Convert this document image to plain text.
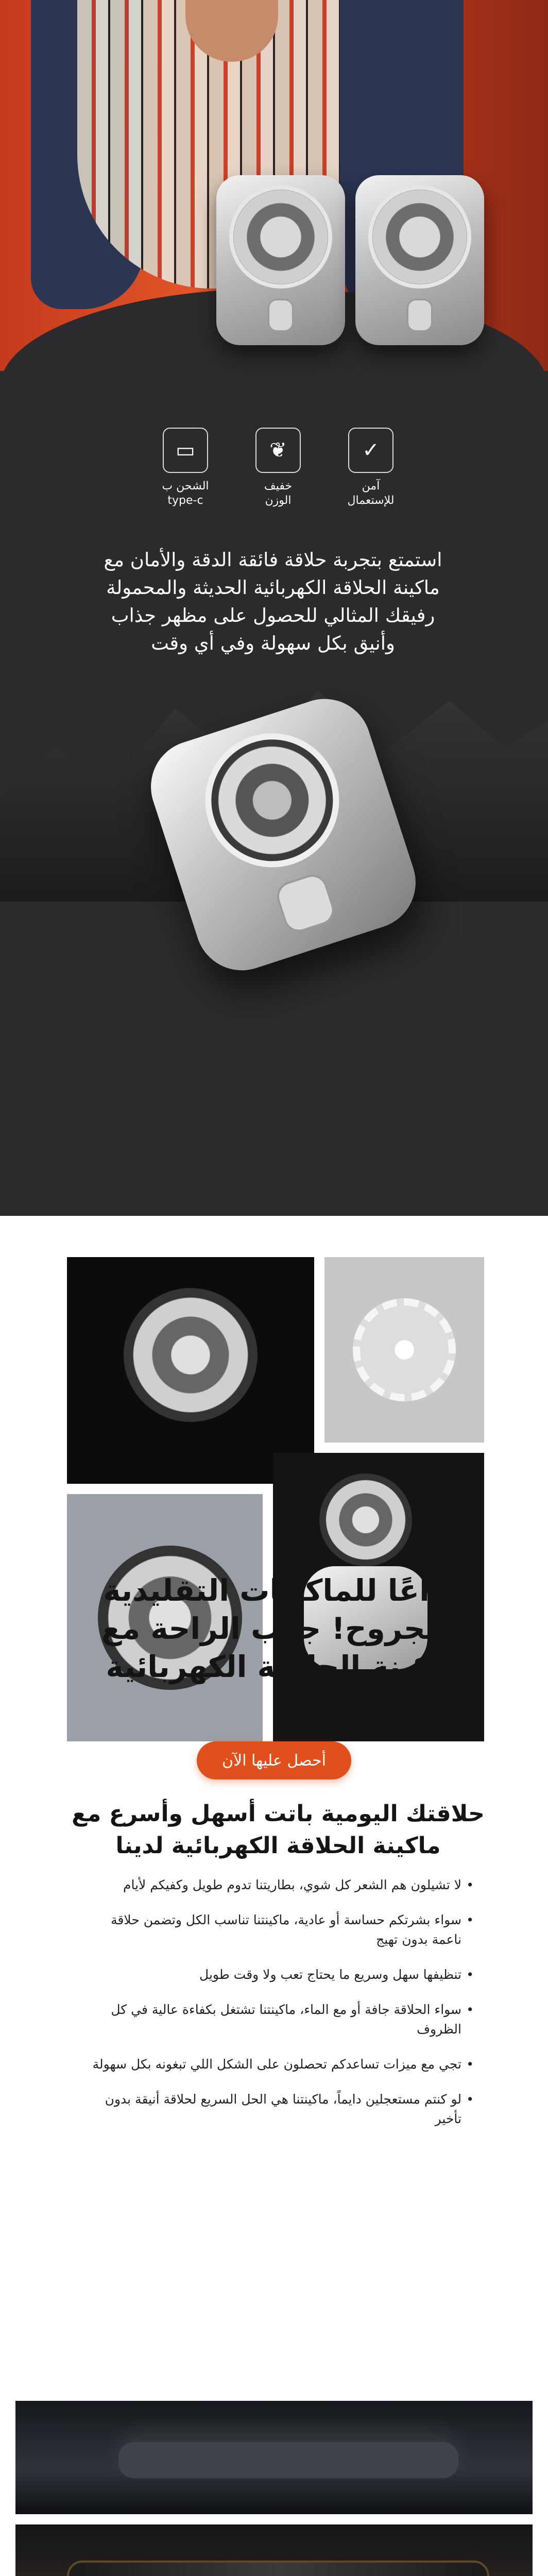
✓
آمن
للإستعمال
❦
خفيف
الوزن
▭
الشحن ب
type-c

استمتع بتجربة حلاقة فائقة الدقة والأمان مع ماكينة الحلاقة الكهربائية الحديثة والمحمولة رفيقك المثالي للحصول على مظهر جذاب وأنيق بكل سهولة وفي أي وقت

وداعًا للماكينات التقليدية والجروح! جرب الراحة مع ماكينة الحلاقة الكهربائية
أحصل عليها الآن
حلاقتك اليومية باتت أسهل وأسرع مع ماكينة الحلاقة الكهربائية لدينا
• لا تشيلون هم الشعر كل شوي، بطاريتنا تدوم طويل وكفيكم لأيام
• سواء بشرتكم حساسة أو عادية، ماكينتنا تناسب الكل وتضمن حلاقة ناعمة بدون تهيج
• تنظيفها سهل وسريع ما يحتاج تعب ولا وقت طويل
• سواء الحلاقة جافة أو مع الماء، ماكينتنا تشتغل بكفاءة عالية في كل الظروف
• تجي مع ميزات تساعدكم تحصلون على الشكل اللي تبغونه بكل سهولة
• لو كنتم مستعجلين دايماً، ماكينتنا هي الحل السريع لحلاقة أنيقة بدون تأخير
